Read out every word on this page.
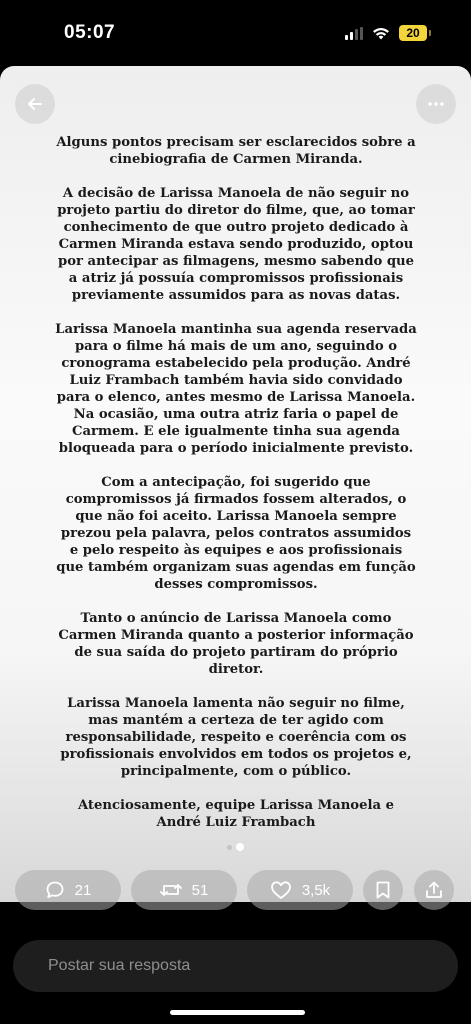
05:07	20

Alguns pontos precisam ser esclarecidos sobre a cinebiografia de Carmen Miranda.

A decisão de Larissa Manoela de não seguir no projeto partiu do diretor do filme, que, ao tomar conhecimento de que outro projeto dedicado à Carmen Miranda estava sendo produzido, optou por antecipar as filmagens, mesmo sabendo que a atriz já possuía compromissos profissionais previamente assumidos para as novas datas.

Larissa Manoela mantinha sua agenda reservada para o filme há mais de um ano, seguindo o cronograma estabelecido pela produção. André Luiz Frambach também havia sido convidado para o elenco, antes mesmo de Larissa Manoela. Na ocasião, uma outra atriz faria o papel de Carmem. E ele igualmente tinha sua agenda bloqueada para o período inicialmente previsto.

Com a antecipação, foi sugerido que compromissos já firmados fossem alterados, o que não foi aceito. Larissa Manoela sempre prezou pela palavra, pelos contratos assumidos e pelo respeito às equipes e aos profissionais que também organizam suas agendas em função desses compromissos.

Tanto o anúncio de Larissa Manoela como Carmen Miranda quanto a posterior informação de sua saída do projeto partiram do próprio diretor.

Larissa Manoela lamenta não seguir no filme, mas mantém a certeza de ter agido com responsabilidade, respeito e coerência com os profissionais envolvidos em todos os projetos e, principalmente, com o público.

Atenciosamente, equipe Larissa Manoela e André Luiz Frambach

21	51	3,5k
Postar sua resposta
